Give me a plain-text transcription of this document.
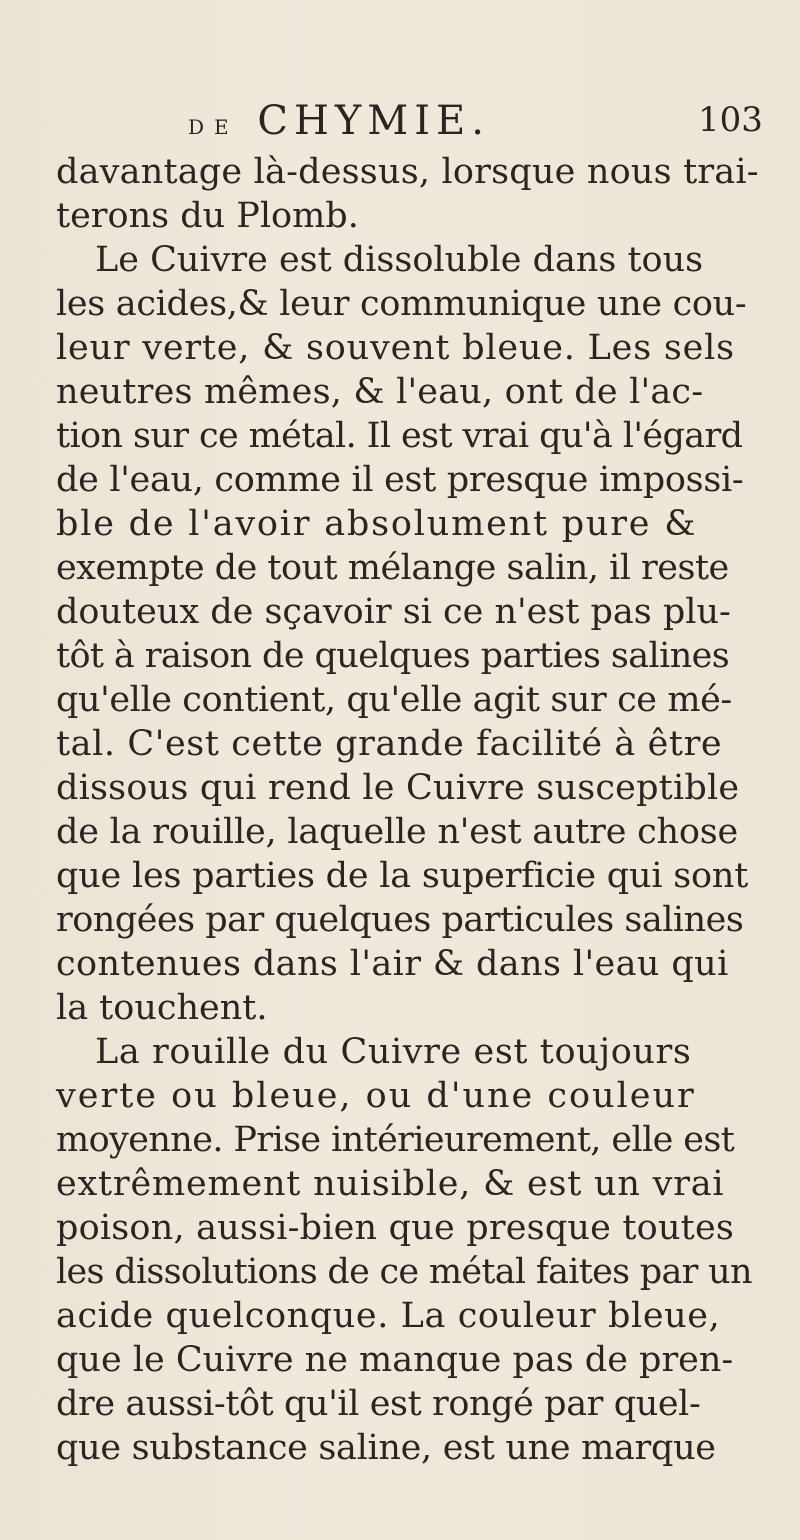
DE CHYMIE.	103
davantage là-dessus, lorsque nous trai-
terons du Plomb.
Le Cuivre est dissoluble dans tous
les acides,& leur communique une cou-
leur verte, & souvent bleue. Les sels
neutres mêmes, & l'eau, ont de l'ac-
tion sur ce métal. Il est vrai qu'à l'égard
de l'eau, comme il est presque impossi-
ble de l'avoir absolument pure &
exempte de tout mélange salin, il reste
douteux de sçavoir si ce n'est pas plu-
tôt à raison de quelques parties salines
qu'elle contient, qu'elle agit sur ce mé-
tal. C'est cette grande facilité à être
dissous qui rend le Cuivre susceptible
de la rouille, laquelle n'est autre chose
que les parties de la superficie qui sont
rongées par quelques particules salines
contenues dans l'air & dans l'eau qui
la touchent.
La rouille du Cuivre est toujours
verte ou bleue, ou d'une couleur
moyenne. Prise intérieurement, elle est
extrêmement nuisible, & est un vrai
poison, aussi-bien que presque toutes
les dissolutions de ce métal faites par un
acide quelconque. La couleur bleue,
que le Cuivre ne manque pas de pren-
dre aussi-tôt qu'il est rongé par quel-
que substance saline, est une marque
